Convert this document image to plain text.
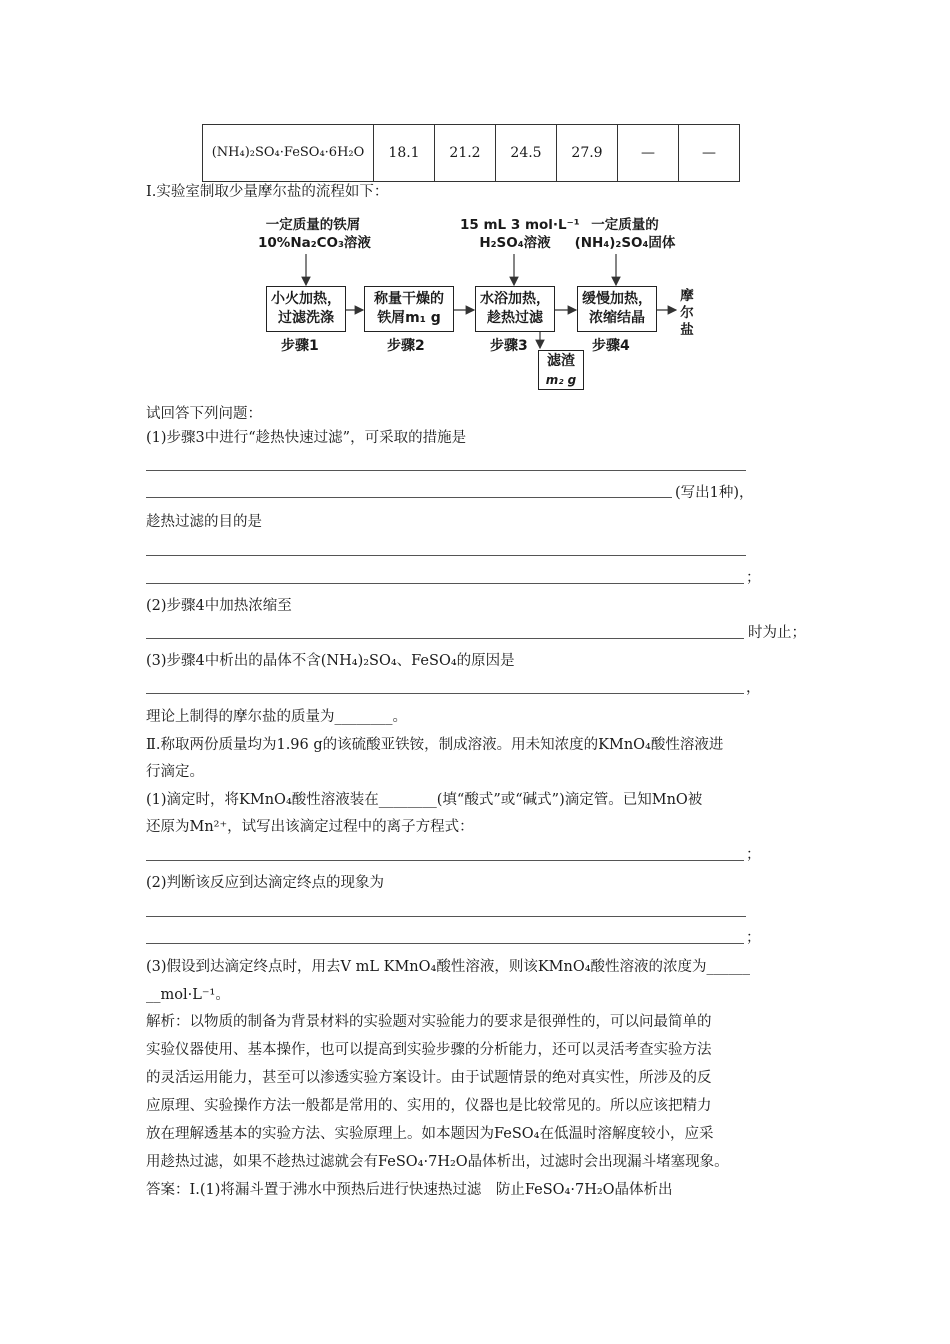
(NH₄)₂SO₄·FeSO₄·6H₂O	18.1	21.2	24.5	27.9	—	—
Ⅰ.实验室制取少量摩尔盐的流程如下：
一定质量的铁屑
10%Na₂CO₃溶液
15 mL 3 mol·L⁻¹
H₂SO₄溶液
一定质量的
(NH₄)₂SO₄固体
小火加热，
过滤洗涤
称量干燥的
铁屑m₁ g
水浴加热，
趁热过滤
缓慢加热，
浓缩结晶
摩
尔
盐
步骤1	步骤2	步骤3	步骤4
滤渣
m₂ g
试回答下列问题：
(1)步骤3中进行“趁热快速过滤”，可采取的措施是
(写出1种)，
趁热过滤的目的是
；
(2)步骤4中加热浓缩至
时为止；
(3)步骤4中析出的晶体不含(NH₄)₂SO₄、FeSO₄的原因是
，
理论上制得的摩尔盐的质量为________。
Ⅱ.称取两份质量均为1.96 g的该硫酸亚铁铵，制成溶液。用未知浓度的KMnO₄酸性溶液进
行滴定。
(1)滴定时，将KMnO₄酸性溶液装在________(填“酸式”或“碱式”)滴定管。已知MnO被
还原为Mn²⁺，试写出该滴定过程中的离子方程式：
；
(2)判断该反应到达滴定终点的现象为
；
(3)假设到达滴定终点时，用去V mL KMnO₄酸性溶液，则该KMnO₄酸性溶液的浓度为______
__mol·L⁻¹。
解析：以物质的制备为背景材料的实验题对实验能力的要求是很弹性的，可以问最简单的
实验仪器使用、基本操作，也可以提高到实验步骤的分析能力，还可以灵活考查实验方法
的灵活运用能力，甚至可以渗透实验方案设计。由于试题情景的绝对真实性，所涉及的反
应原理、实验操作方法一般都是常用的、实用的，仪器也是比较常见的。所以应该把精力
放在理解透基本的实验方法、实验原理上。如本题因为FeSO₄在低温时溶解度较小，应采
用趁热过滤，如果不趁热过滤就会有FeSO₄·7H₂O晶体析出，过滤时会出现漏斗堵塞现象。
答案：Ⅰ.(1)将漏斗置于沸水中预热后进行快速热过滤　防止FeSO₄·7H₂O晶体析出
